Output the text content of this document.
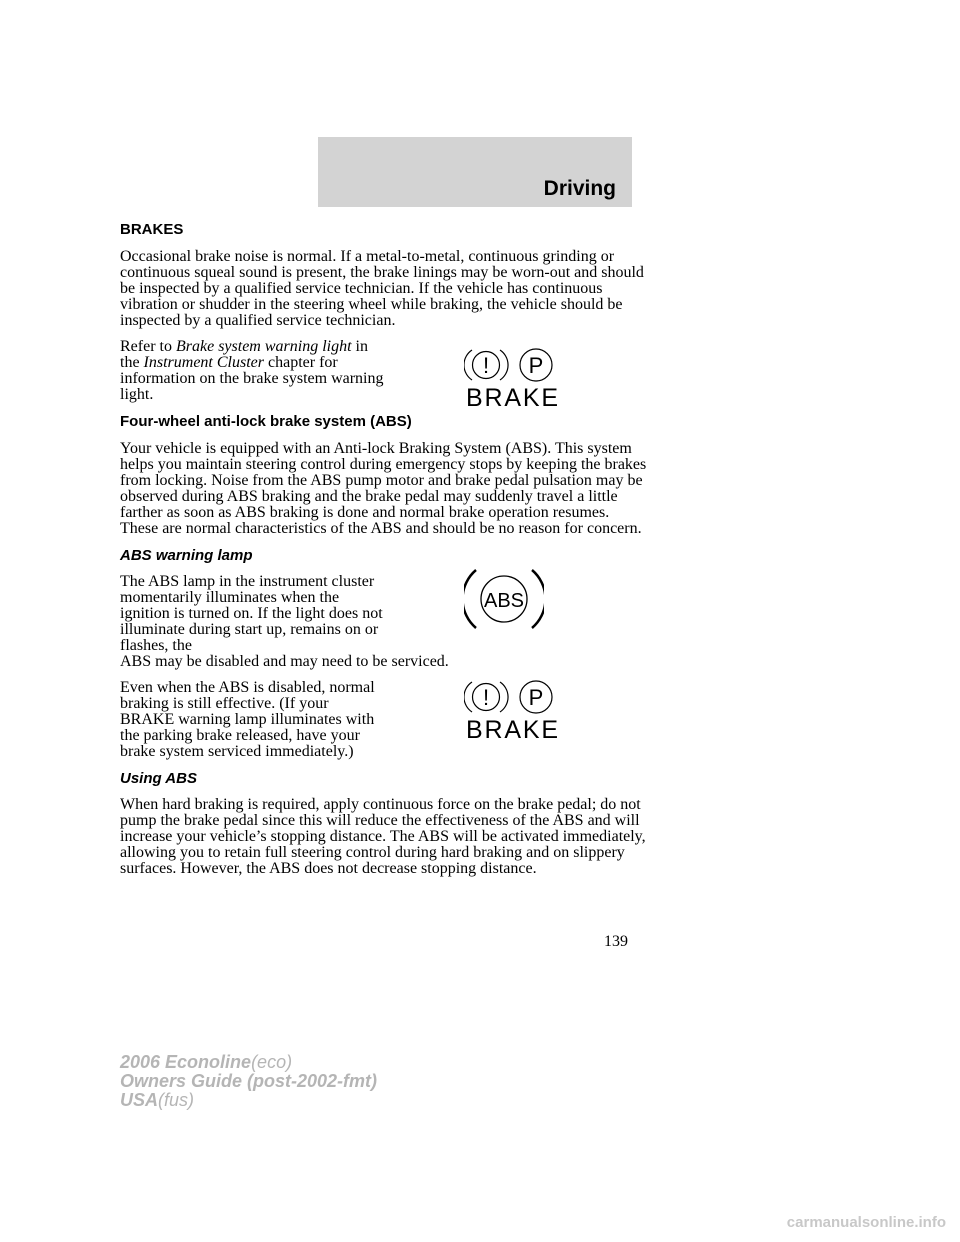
Driving
BRAKES

Occasional brake noise is normal. If a metal-to-metal, continuous grinding or continuous squeal sound is present, the brake linings may be worn-out and should be inspected by a qualified service technician. If the vehicle has continuous vibration or shudder in the steering wheel while braking, the vehicle should be inspected by a qualified service technician.

Refer to Brake system warning light in the Instrument Cluster chapter for information on the brake system warning light.

! P
BRAKE
Four-wheel anti-lock brake system (ABS)

Your vehicle is equipped with an Anti-lock Braking System (ABS). This system helps you maintain steering control during emergency stops by keeping the brakes from locking. Noise from the ABS pump motor and brake pedal pulsation may be observed during ABS braking and the brake pedal may suddenly travel a little farther as soon as ABS braking is done and normal brake operation resumes. These are normal characteristics of the ABS and should be no reason for concern.

ABS warning lamp
The ABS lamp in the instrument cluster momentarily illuminates when the ignition is turned on. If the light does not illuminate during start up, remains on or flashes, the

ABS may be disabled and may need to be serviced.

ABS

Even when the ABS is disabled, normal braking is still effective. (If your BRAKE warning lamp illuminates with the parking brake released, have your brake system serviced immediately.)

! P
BRAKE
Using ABS

When hard braking is required, apply continuous force on the brake pedal; do not pump the brake pedal since this will reduce the effectiveness of the ABS and will increase your vehicle’s stopping distance. The ABS will be activated immediately, allowing you to retain full steering control during hard braking and on slippery surfaces. However, the ABS does not decrease stopping distance.

139
2006 Econoline(eco)
Owners Guide (post-2002-fmt)
USA(fus)
carmanualsonline.info
